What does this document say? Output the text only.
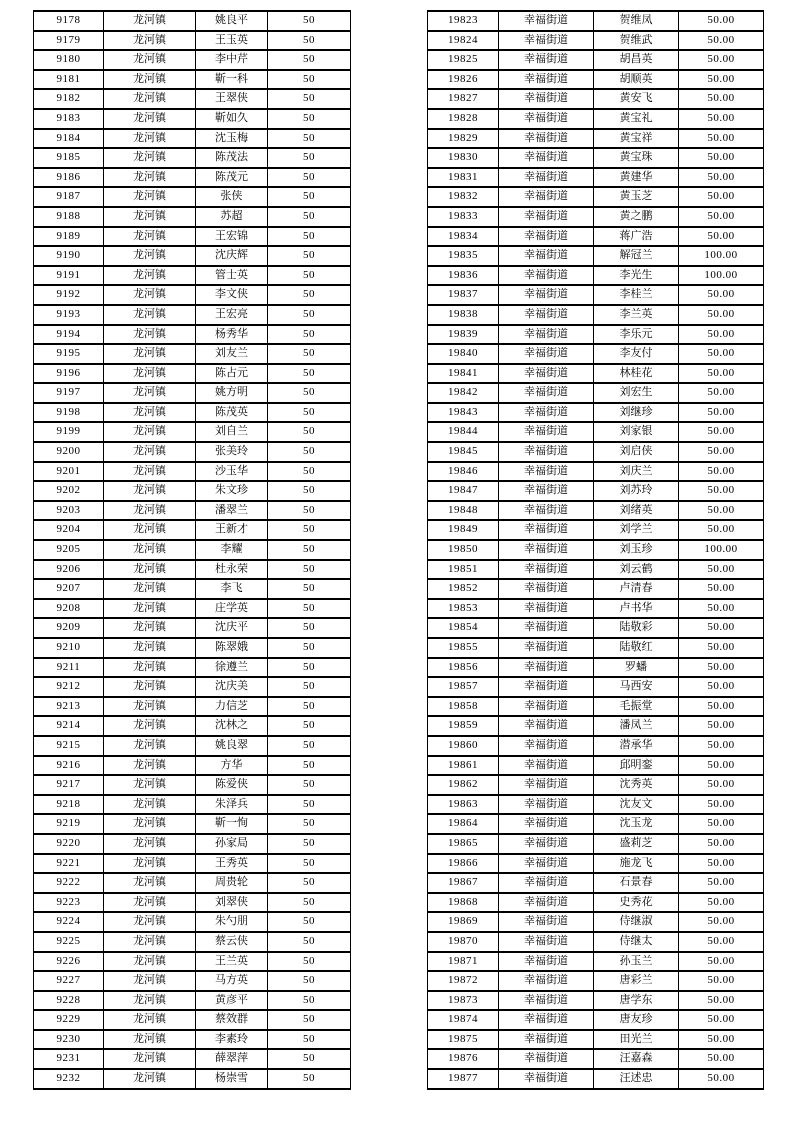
9178	龙河镇	姚良平	50
9179	龙河镇	王玉英	50
9180	龙河镇	李中芹	50
9181	龙河镇	靳一科	50
9182	龙河镇	王翠侠	50
9183	龙河镇	靳如久	50
9184	龙河镇	沈玉梅	50
9185	龙河镇	陈茂法	50
9186	龙河镇	陈茂元	50
9187	龙河镇	张侠	50
9188	龙河镇	苏超	50
9189	龙河镇	王宏锦	50
9190	龙河镇	沈庆辉	50
9191	龙河镇	管士英	50
9192	龙河镇	李文侠	50
9193	龙河镇	王宏亮	50
9194	龙河镇	杨秀华	50
9195	龙河镇	刘友兰	50
9196	龙河镇	陈占元	50
9197	龙河镇	姚方明	50
9198	龙河镇	陈茂英	50
9199	龙河镇	刘自兰	50
9200	龙河镇	张美玲	50
9201	龙河镇	沙玉华	50
9202	龙河镇	朱文珍	50
9203	龙河镇	潘翠兰	50
9204	龙河镇	王新才	50
9205	龙河镇	李耀	50
9206	龙河镇	杜永荣	50
9207	龙河镇	李飞	50
9208	龙河镇	庄学英	50
9209	龙河镇	沈庆平	50
9210	龙河镇	陈翠娥	50
9211	龙河镇	徐遵兰	50
9212	龙河镇	沈庆美	50
9213	龙河镇	力信芝	50
9214	龙河镇	沈林之	50
9215	龙河镇	姚良翠	50
9216	龙河镇	方华	50
9217	龙河镇	陈爱侠	50
9218	龙河镇	朱泽兵	50
9219	龙河镇	靳一恂	50
9220	龙河镇	孙家局	50
9221	龙河镇	王秀英	50
9222	龙河镇	周贵轮	50
9223	龙河镇	刘翠侠	50
9224	龙河镇	朱勺朋	50
9225	龙河镇	蔡云侠	50
9226	龙河镇	王兰英	50
9227	龙河镇	马方英	50
9228	龙河镇	黄彦平	50
9229	龙河镇	蔡效群	50
9230	龙河镇	李素玲	50
9231	龙河镇	薛翠萍	50
9232	龙河镇	杨崇雪	50
19823	幸福街道	贺维凤	50.00
19824	幸福街道	贺维武	50.00
19825	幸福街道	胡昌英	50.00
19826	幸福街道	胡顺英	50.00
19827	幸福街道	黄安飞	50.00
19828	幸福街道	黄宝礼	50.00
19829	幸福街道	黄宝祥	50.00
19830	幸福街道	黄宝珠	50.00
19831	幸福街道	黄建华	50.00
19832	幸福街道	黄玉芝	50.00
19833	幸福街道	黄之鹏	50.00
19834	幸福街道	蒋广浩	50.00
19835	幸福街道	解冠兰	100.00
19836	幸福街道	李光生	100.00
19837	幸福街道	李桂兰	50.00
19838	幸福街道	李兰英	50.00
19839	幸福街道	李乐元	50.00
19840	幸福街道	李友付	50.00
19841	幸福街道	林桂花	50.00
19842	幸福街道	刘宏生	50.00
19843	幸福街道	刘继珍	50.00
19844	幸福街道	刘家银	50.00
19845	幸福街道	刘启侠	50.00
19846	幸福街道	刘庆兰	50.00
19847	幸福街道	刘苏玲	50.00
19848	幸福街道	刘绪英	50.00
19849	幸福街道	刘学兰	50.00
19850	幸福街道	刘玉珍	100.00
19851	幸福街道	刘云鹤	50.00
19852	幸福街道	卢清春	50.00
19853	幸福街道	卢书华	50.00
19854	幸福街道	陆敬彩	50.00
19855	幸福街道	陆敬红	50.00
19856	幸福街道	罗蟠	50.00
19857	幸福街道	马西安	50.00
19858	幸福街道	毛振堂	50.00
19859	幸福街道	潘凤兰	50.00
19860	幸福街道	潜承华	50.00
19861	幸福街道	邱明銮	50.00
19862	幸福街道	沈秀英	50.00
19863	幸福街道	沈友文	50.00
19864	幸福街道	沈玉龙	50.00
19865	幸福街道	盛莉芝	50.00
19866	幸福街道	施龙飞	50.00
19867	幸福街道	石景春	50.00
19868	幸福街道	史秀花	50.00
19869	幸福街道	侍继淑	50.00
19870	幸福街道	侍继太	50.00
19871	幸福街道	孙玉兰	50.00
19872	幸福街道	唐彩兰	50.00
19873	幸福街道	唐学东	50.00
19874	幸福街道	唐友珍	50.00
19875	幸福街道	田光兰	50.00
19876	幸福街道	汪嘉森	50.00
19877	幸福街道	汪述忠	50.00
